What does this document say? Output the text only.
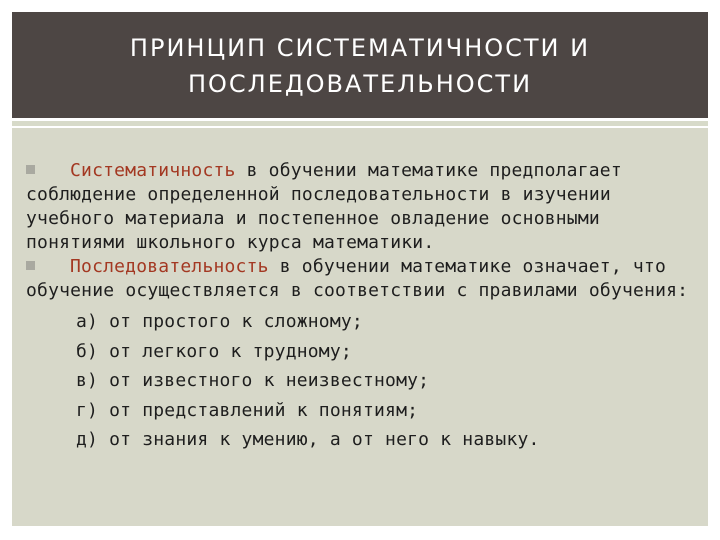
ПРИНЦИП СИСТЕМАТИЧНОСТИ И
ПОСЛЕДОВАТЕЛЬНОСТИ

Систематичность в обучении математике предполагает соблюдение определенной последовательности в изучении учебного материала и постепенное овладение основными понятиями школьного курса математики.

Последовательность в обучении математике означает, что обучение осуществляется в соответствии с правилами обучения:

а) от простого к сложному;
б) от легкого к трудному;
в) от известного к неизвестному;
г) от представлений к понятиям;
д) от знания к умению, а от него к навыку.
